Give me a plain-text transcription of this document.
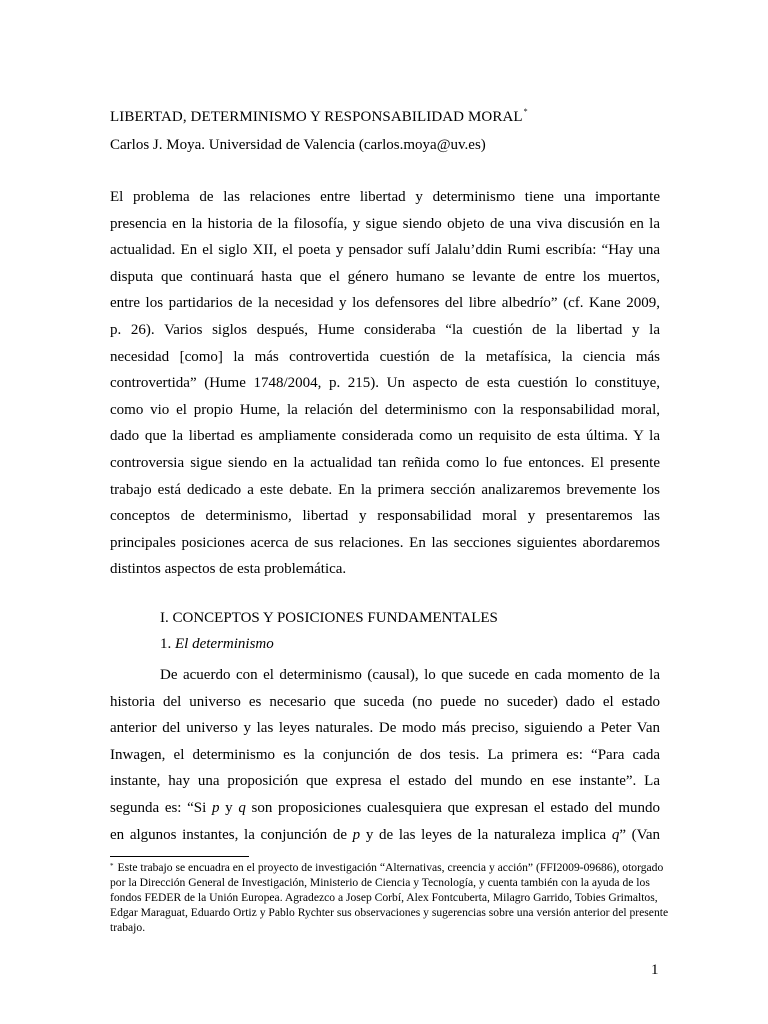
LIBERTAD, DETERMINISMO Y RESPONSABILIDAD MORAL*
Carlos J. Moya. Universidad de Valencia (carlos.moya@uv.es)
El problema de las relaciones entre libertad y determinismo tiene una importante
presencia en la historia de la filosofía, y sigue siendo objeto de una viva discusión en la
actualidad. En el siglo XII, el poeta y pensador sufí Jalalu’ddin Rumi escribía: “Hay una
disputa que continuará hasta que el género humano se levante de entre los muertos,
entre los partidarios de la necesidad y los defensores del libre albedrío” (cf. Kane 2009,
p. 26). Varios siglos después, Hume consideraba “la cuestión de la libertad y la
necesidad [como] la más controvertida cuestión de la metafísica, la ciencia más
controvertida” (Hume 1748/2004, p. 215). Un aspecto de esta cuestión lo constituye,
como vio el propio Hume, la relación del determinismo con la responsabilidad moral,
dado que la libertad es ampliamente considerada como un requisito de esta última. Y la
controversia sigue siendo en la actualidad tan reñida como lo fue entonces. El presente
trabajo está dedicado a este debate. En la primera sección analizaremos brevemente los
conceptos de determinismo, libertad y responsabilidad moral y presentaremos las
principales posiciones acerca de sus relaciones. En las secciones siguientes abordaremos
distintos aspectos de esta problemática.
I. CONCEPTOS Y POSICIONES FUNDAMENTALES
1. El determinismo
De acuerdo con el determinismo (causal), lo que sucede en cada momento de la
historia del universo es necesario que suceda (no puede no suceder) dado el estado
anterior del universo y las leyes naturales. De modo más preciso, siguiendo a Peter Van
Inwagen, el determinismo es la conjunción de dos tesis. La primera es: “Para cada
instante, hay una proposición que expresa el estado del mundo en ese instante”. La
segunda es: “Si p y q son proposiciones cualesquiera que expresan el estado del mundo
en algunos instantes, la conjunción de p y de las leyes de la naturaleza implica q” (Van
* Este trabajo se encuadra en el proyecto de investigación “Alternativas, creencia y acción” (FFI2009-09686), otorgado por la Dirección General de Investigación, Ministerio de Ciencia y Tecnología, y cuenta también con la ayuda de los fondos FEDER de la Unión Europea. Agradezco a Josep Corbí, Alex Fontcuberta, Milagro Garrido, Tobies Grimaltos, Edgar Maraguat, Eduardo Ortiz y Pablo Rychter sus observaciones y sugerencias sobre una versión anterior del presente trabajo.
1
